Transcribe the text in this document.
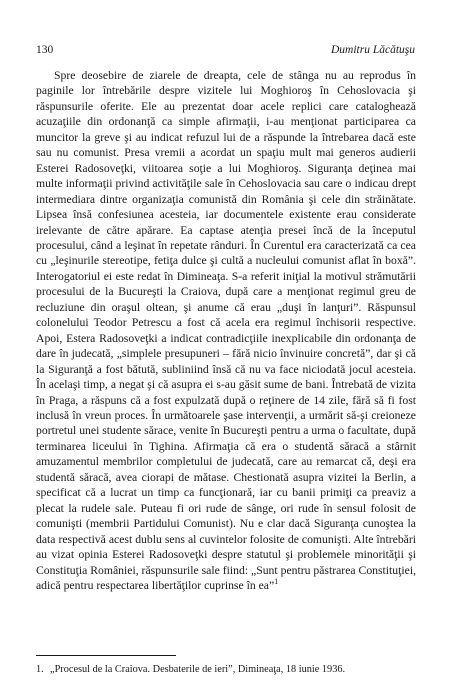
130	Dumitru Lăcătuşu

Spre deosebire de ziarele de dreapta, cele de stânga nu au reprodus în paginile lor întrebările despre vizitele lui Moghioroş în Cehoslovacia şi răspunsurile oferite. Ele au prezentat doar acele replici care cataloghează acuzaţiile din ordonanţă ca simple afirmaţii, i-au menţionat participarea ca muncitor la greve şi au indicat refuzul lui de a răspunde la întrebarea dacă este sau nu comunist. Presa vremii a acordat un spaţiu mult mai generos audierii Esterei Radosoveţki, viitoarea soţie a lui Moghioroş. Siguranţa deţinea mai multe informaţii privind activităţile sale în Cehoslovacia sau care o indicau drept intermediara dintre organizaţia comunistă din România şi cele din străinătate. Lipsea însă confesiunea acesteia, iar documentele existente erau considerate irelevante de către apărare. Ea captase atenţia presei încă de la începutul procesului, când a leşinat în repetate rânduri. În Curentul era caracterizată ca cea cu „leşinurile stereotipe, fetiţa dulce şi cultă a nucleului comunist aflat în boxă”. Interogatoriul ei este redat în Dimineaţa. S-a referit iniţial la motivul strămutării procesului de la Bucureşti la Craiova, după care a menţionat regimul greu de recluziune din oraşul oltean, şi anume că erau „duşi în lanţuri”. Răspunsul colonelului Teodor Petrescu a fost că acela era regimul închisorii respective. Apoi, Estera Radosoveţki a indicat contradicţiile inexplicabile din ordonanţa de dare în judecată, „simplele presupuneri – fără nicio învinuire concretă”, dar şi că la Siguranţă a fost bătută, subliniind însă că nu va face niciodată jocul acesteia. În acelaşi timp, a negat şi că asupra ei s-au găsit sume de bani. Întrebată de vizita în Praga, a răspuns că a fost expulzată după o reţinere de 14 zile, fără să fi fost inclusă în vreun proces. În următoarele şase intervenţii, a urmărit să-şi creioneze portretul unei studente sărace, venite în Bucureşti pentru a urma o facultate, după terminarea liceului în Tighina. Afirmaţia că era o studentă săracă a stârnit amuzamentul membrilor completului de judecată, care au remarcat că, deşi era studentă săracă, avea ciorapi de mătase. Chestionată asupra vizitei la Berlin, a specificat că a lucrat un timp ca funcţionară, iar cu banii primiţi ca preaviz a plecat la rudele sale. Puteau fi ori rude de sânge, ori rude în sensul folosit de comunişti (membrii Partidului Comunist). Nu e clar dacă Siguranţa cunoştea la data respectivă acest dublu sens al cuvintelor folosite de comunişti. Alte întrebări au vizat opinia Esterei Radosoveţki despre statutul şi problemele minorităţii şi Constituţia României, răspunsurile sale fiind: „Sunt pentru păstrarea Constituţiei, adică pentru respectarea libertăţilor cuprinse în ea”$^1$

1. „Procesul de la Craiova. Desbaterile de ieri”, Dimineaţa, 18 iunie 1936.
